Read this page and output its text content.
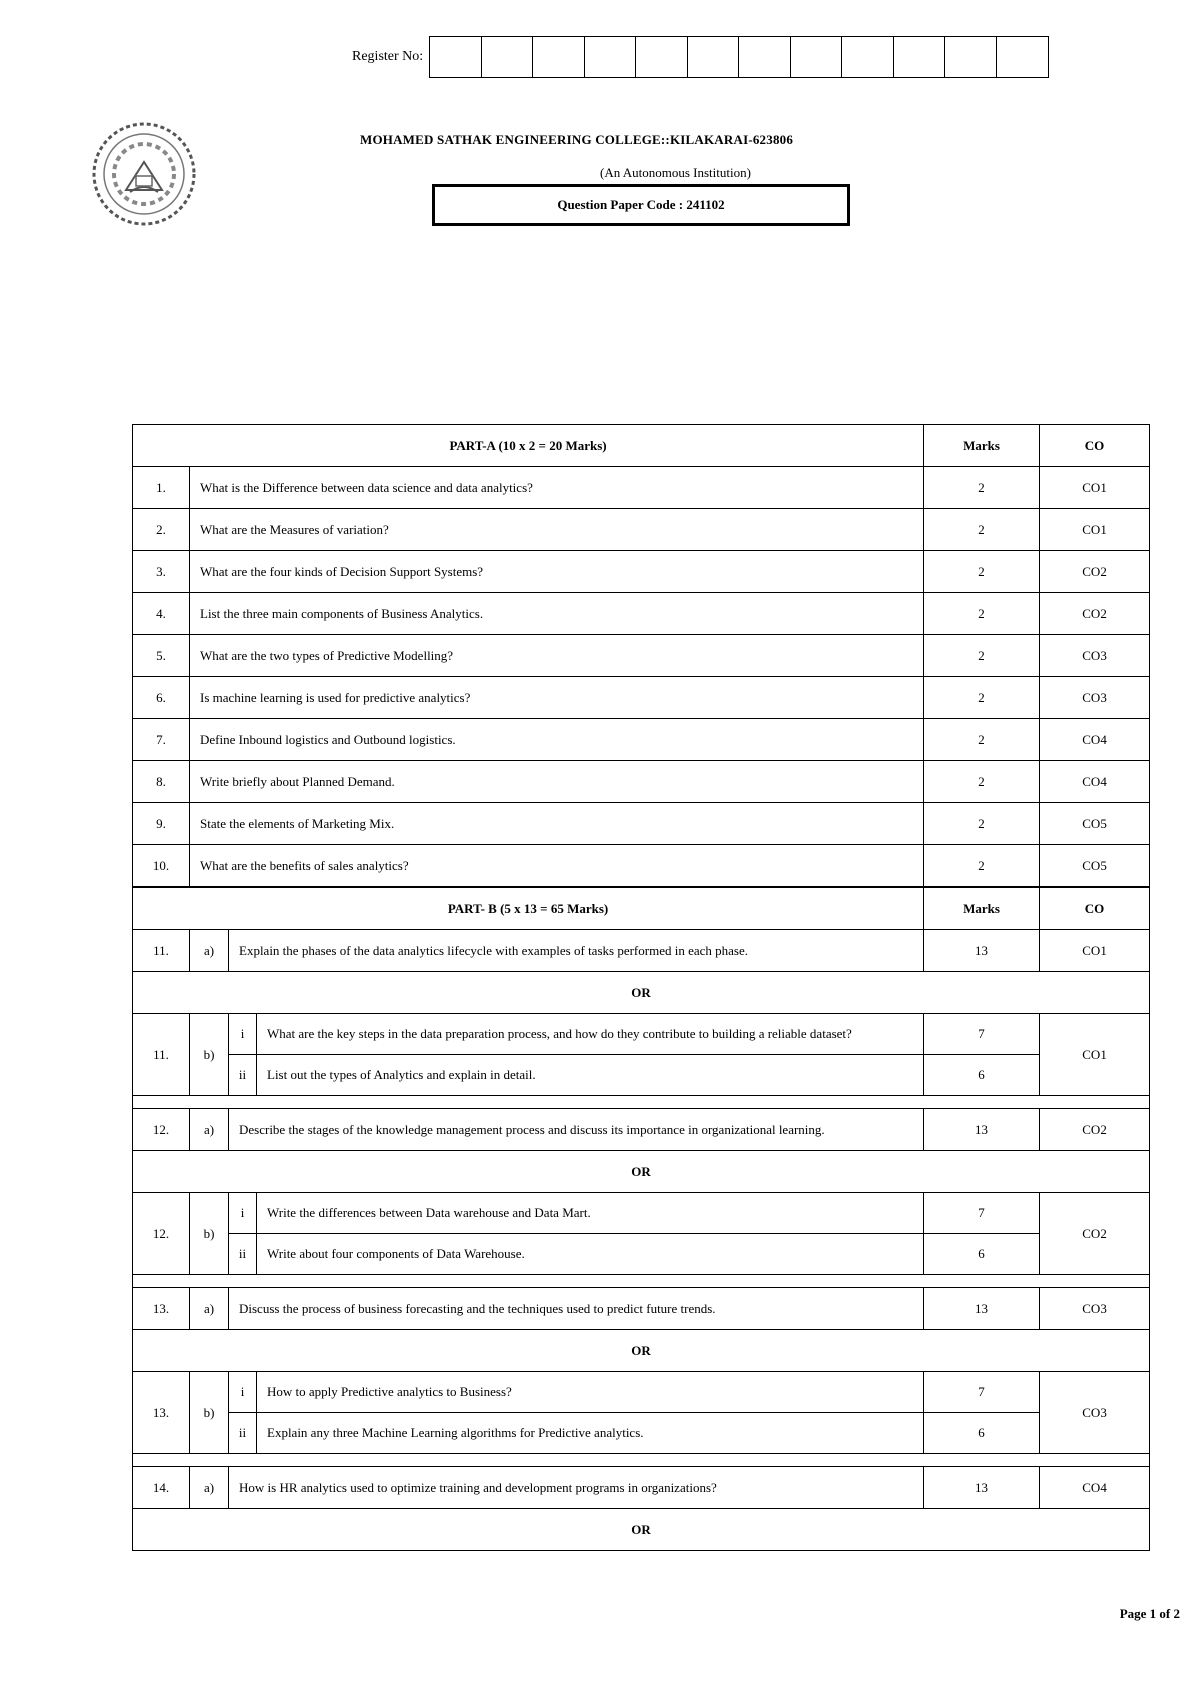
Register No:
MOHAMED SATHAK ENGINEERING COLLEGE::KILAKARAI-623806
(An Autonomous Institution)
Question Paper Code : 241102
PART-A (10 x 2 = 20 Marks)				Marks	CO
1.	What is the Difference between data science and data analytics?			2	CO1
2.	What are the Measures of variation?			2	CO1
3.	What are the four kinds of Decision Support Systems?			2	CO2
4.	List the three main components of Business Analytics.			2	CO2
5.	What are the two types of Predictive Modelling?			2	CO3
6.	Is machine learning is used for predictive analytics?			2	CO3
7.	Define Inbound logistics and Outbound logistics.			2	CO4
8.	Write briefly about Planned Demand.			2	CO4
9.	State the elements of Marketing Mix.			2	CO5
10.	What are the benefits of sales analytics?			2	CO5
PART- B (5 x 13 = 65 Marks)				Marks	CO
11.	a)	Explain the phases of the data analytics lifecycle with examples of tasks performed in each phase.		13	CO1
OR					
11.	b)	i	What are the key steps in the data preparation process, and how do they contribute to building a reliable dataset?	7	CO1
		ii	List out the types of Analytics and explain in detail.	6	

12.	a)	Describe the stages of the knowledge management process and discuss its importance in organizational learning.		13	CO2
OR					
12.	b)	i	Write the differences between Data warehouse and Data Mart.	7	CO2
		ii	Write about four components of Data Warehouse.	6	

13.	a)	Discuss the process of business forecasting and the techniques used to predict future trends.		13	CO3
OR					
13.	b)	i	How to apply Predictive analytics to Business?	7	CO3
		ii	Explain any three Machine Learning algorithms for Predictive analytics.	6	

14.	a)	How is HR analytics used to optimize training and development programs in organizations?		13	CO4
OR					
Page 1 of 2
